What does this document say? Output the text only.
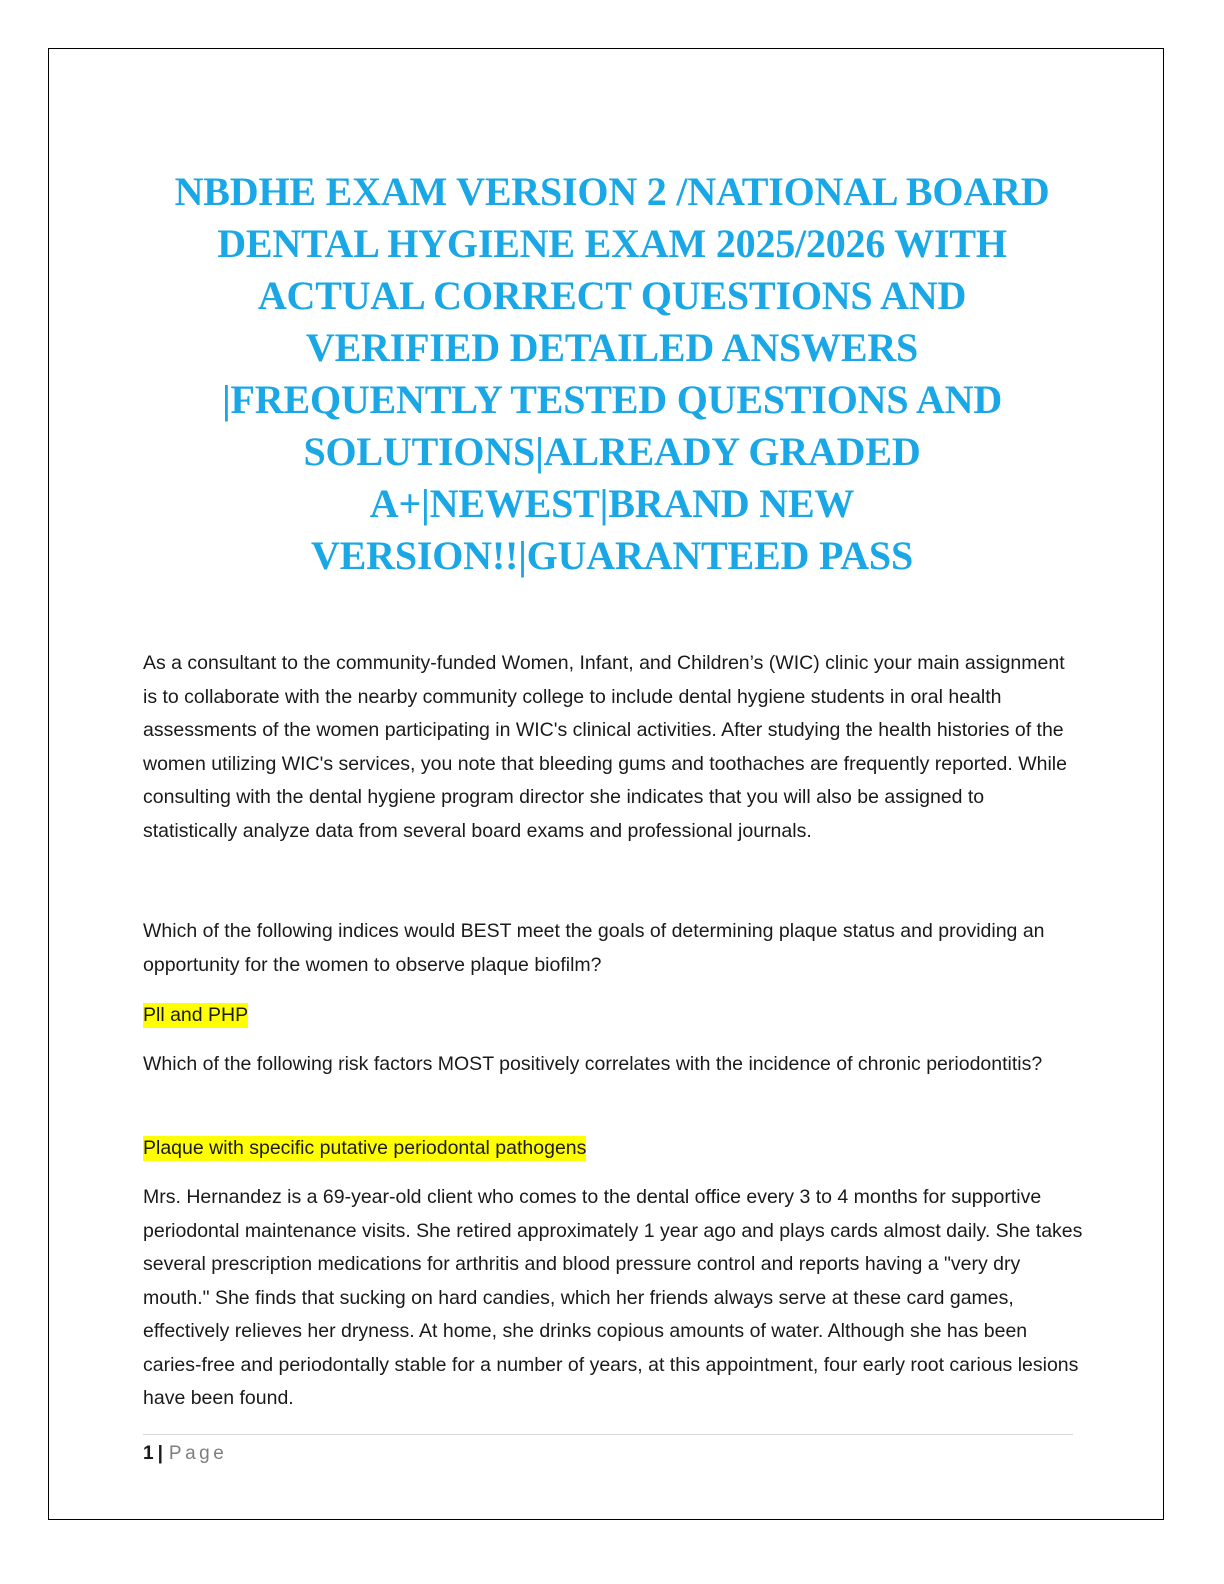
NBDHE EXAM VERSION 2 /NATIONAL BOARD
DENTAL HYGIENE EXAM 2025/2026 WITH
ACTUAL CORRECT QUESTIONS AND
VERIFIED DETAILED ANSWERS
|FREQUENTLY TESTED QUESTIONS AND
SOLUTIONS|ALREADY GRADED
A+|NEWEST|BRAND NEW
VERSION!!|GUARANTEED PASS

As a consultant to the community-funded Women, Infant, and Children’s (WIC) clinic your main assignment is to collaborate with the nearby community college to include dental hygiene students in oral health assessments of the women participating in WIC's clinical activities. After studying the health histories of the women utilizing WIC's services, you note that bleeding gums and toothaches are frequently reported. While consulting with the dental hygiene program director she indicates that you will also be assigned to statistically analyze data from several board exams and professional journals.

Which of the following indices would BEST meet the goals of determining plaque status and providing an opportunity for the women to observe plaque biofilm?

Pll and PHP

Which of the following risk factors MOST positively correlates with the incidence of chronic periodontitis?

Plaque with specific putative periodontal pathogens

Mrs. Hernandez is a 69-year-old client who comes to the dental office every 3 to 4 months for supportive periodontal maintenance visits. She retired approximately 1 year ago and plays cards almost daily. She takes several prescription medications for arthritis and blood pressure control and reports having a "very dry mouth." She finds that sucking on hard candies, which her friends always serve at these card games, effectively relieves her dryness. At home, she drinks copious amounts of water. Although she has been caries-free and periodontally stable for a number of years, at this appointment, four early root carious lesions have been found.

1 | Page
